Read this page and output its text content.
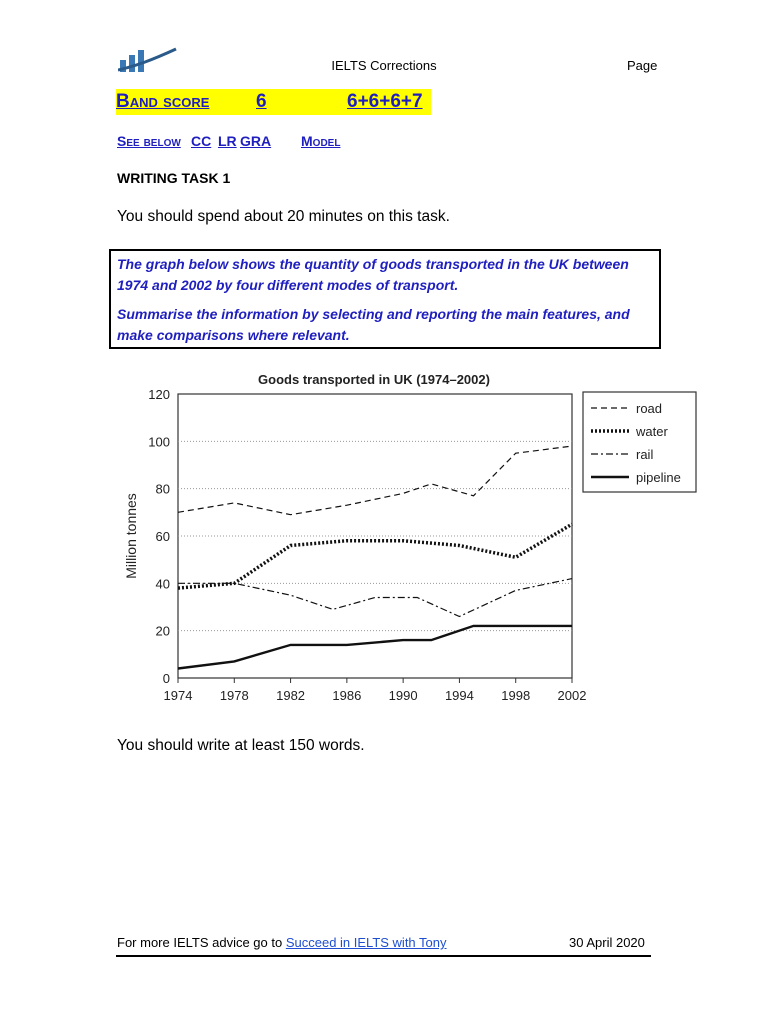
IELTS Corrections	Page
Band score 6	6+6+6+7
See below CC LR GRA Model
WRITING TASK 1
You should spend about 20 minutes on this task.
The graph below shows the quantity of goods transported in the UK between 1974 and 2002 by four different modes of transport.
Summarise the information by selecting and reporting the main features, and make comparisons where relevant.
0
20
40
60
80
100
120
1974 1978 1982 1986 1990 1994 1998 2002
Goods transported in UK (1974–2002)
Million tonnes
road
water
rail
pipeline
You should write at least 150 words.
For more IELTS advice go to Succeed in IELTS with Tony	30 April 2020
